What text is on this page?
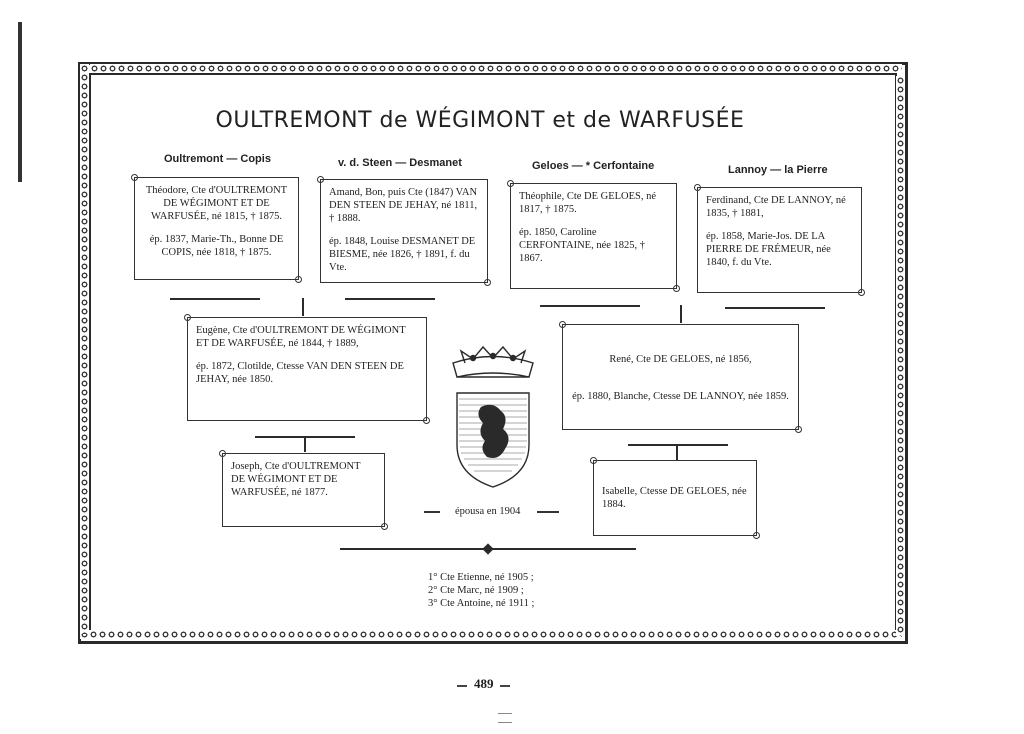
OULTREMONT de WÉGIMONT et de WARFUSÉE
Oultremont — Copis	v. d. Steen — Desmanet	Geloes — * Cerfontaine	Lannoy — la Pierre

Théodore, Cte d'OULTREMONT DE WÉGIMONT ET DE WARFUSÉE, né 1815, † 1875.

ép. 1837, Marie-Th., Bonne DE COPIS, née 1818, † 1875.

Amand, Bon, puis Cte (1847) VAN DEN STEEN DE JEHAY, né 1811, † 1888.

ép. 1848, Louise DESMANET DE BIESME, née 1826, † 1891, f. du Vte.

Théophile, Cte DE GELOES, né 1817, † 1875.

ép. 1850, Caroline CERFONTAINE, née 1825, † 1867.

Ferdinand, Cte DE LANNOY, né 1835, † 1881,

ép. 1858, Marie-Jos. DE LA PIERRE DE FRÉMEUR, née 1840, f. du Vte.

Eugène, Cte d'OULTREMONT DE WÉGIMONT ET DE WARFUSÉE, né 1844, † 1889,

ép. 1872, Clotilde, Ctesse VAN DEN STEEN DE JEHAY, née 1850.

René, Cte DE GELOES, né 1856,

ép. 1880, Blanche, Ctesse DE LANNOY, née 1859.

Joseph, Cte d'OULTREMONT DE WÉGIMONT ET DE WARFUSÉE, né 1877.	Isabelle, Ctesse DE GELOES, née 1884.

épousa en 1904
1° Cte Etienne, né 1905 ;
2° Cte Marc, né 1909 ;
3° Cte Antoine, né 1911 ;
489
